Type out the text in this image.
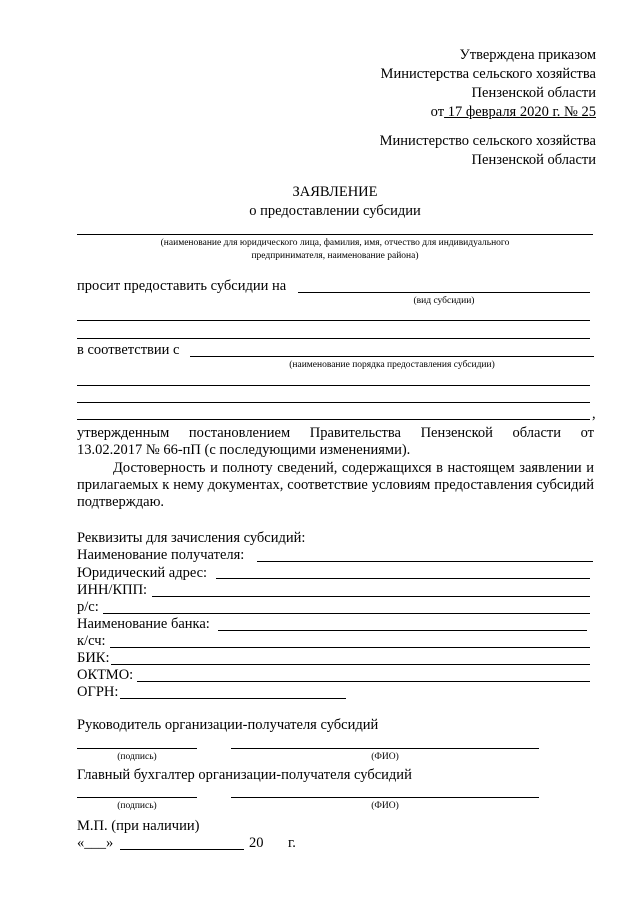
Утверждена приказом
Министерства сельского хозяйства
Пензенской области
от 17 февраля 2020 г. № 25
Министерство сельского хозяйства
Пензенской области
ЗАЯВЛЕНИЕ
о предоставлении субсидии
(наименование для юридического лица, фамилия, имя, отчество для индивидуального
предпринимателя, наименование района)
просит предоставить субсидии на
(вид субсидии)
в соответствии с
(наименование порядка предоставления субсидии)
,
утвержденным постановлением Правительства Пензенской области от
13.02.2017 № 66-пП (с последующими изменениями).
Достоверность и полноту сведений, содержащихся в настоящем заявлении и прилагаемых к нему документах, соответствие условиям предоставления субсидий подтверждаю.
Реквизиты для зачисления субсидий:
Наименование получателя:
Юридический адрес:
ИНН/КПП:
р/с:
Наименование банка:
к/сч:
БИК:
ОКТМО:
ОГРН:
Руководитель организации-получателя субсидий
(подпись)	(ФИО)
Главный бухгалтер организации-получателя субсидий
(подпись)	(ФИО)
М.П. (при наличии)
«___»	20 г.
